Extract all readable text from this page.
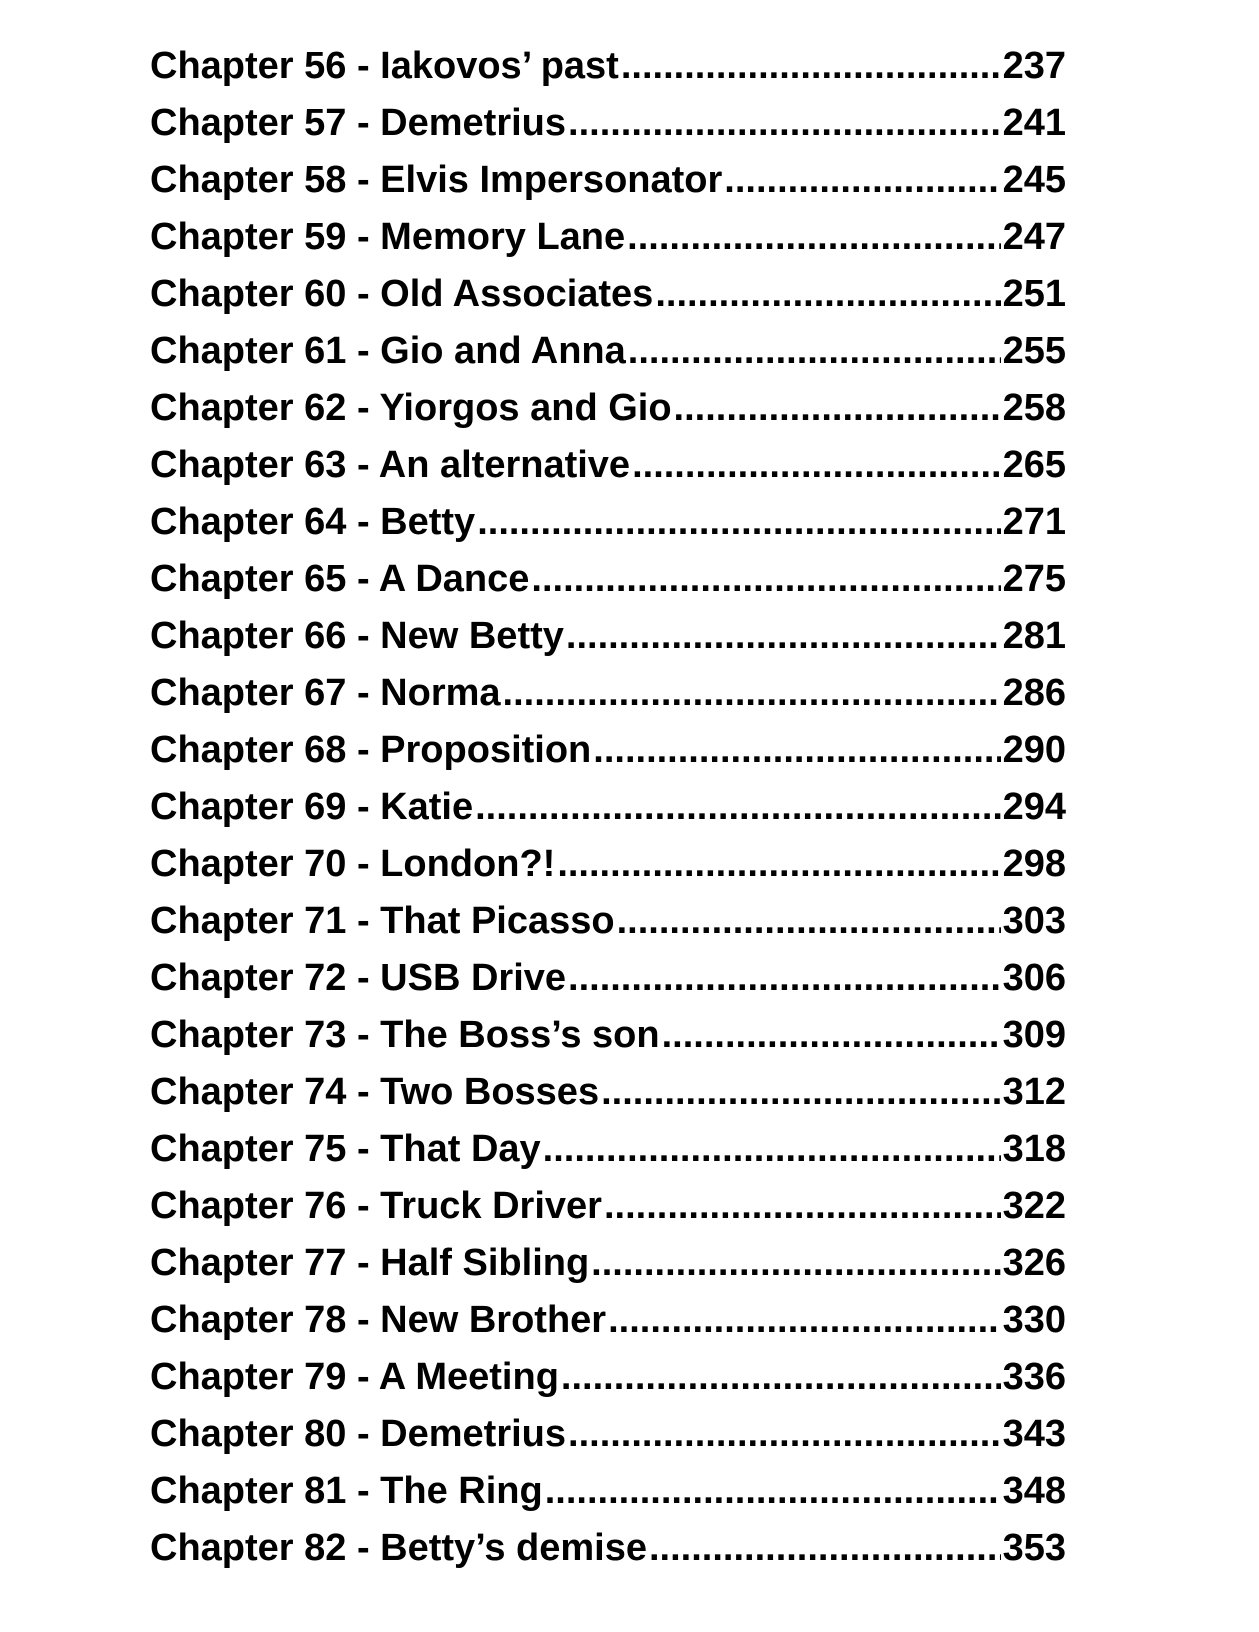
Chapter 56 - Iakovos’ past .....	237
Chapter 57 - Demetrius .....	241
Chapter 58 - Elvis Impersonator .....	245
Chapter 59 - Memory Lane .....	247
Chapter 60 - Old Associates .....	251
Chapter 61 - Gio and Anna .....	255
Chapter 62 - Yiorgos and Gio .....	258
Chapter 63 - An alternative .....	265
Chapter 64 - Betty .....	271
Chapter 65 - A Dance .....	275
Chapter 66 - New Betty .....	281
Chapter 67 - Norma .....	286
Chapter 68 - Proposition .....	290
Chapter 69 - Katie .....	294
Chapter 70 - London?! .....	298
Chapter 71 - That Picasso .....	303
Chapter 72 - USB Drive .....	306
Chapter 73 - The Boss’s son .....	309
Chapter 74 - Two Bosses .....	312
Chapter 75 - That Day .....	318
Chapter 76 - Truck Driver .....	322
Chapter 77 - Half Sibling .....	326
Chapter 78 - New Brother .....	330
Chapter 79 - A Meeting .....	336
Chapter 80 - Demetrius .....	343
Chapter 81 - The Ring .....	348
Chapter 82 - Betty’s demise .....	353
